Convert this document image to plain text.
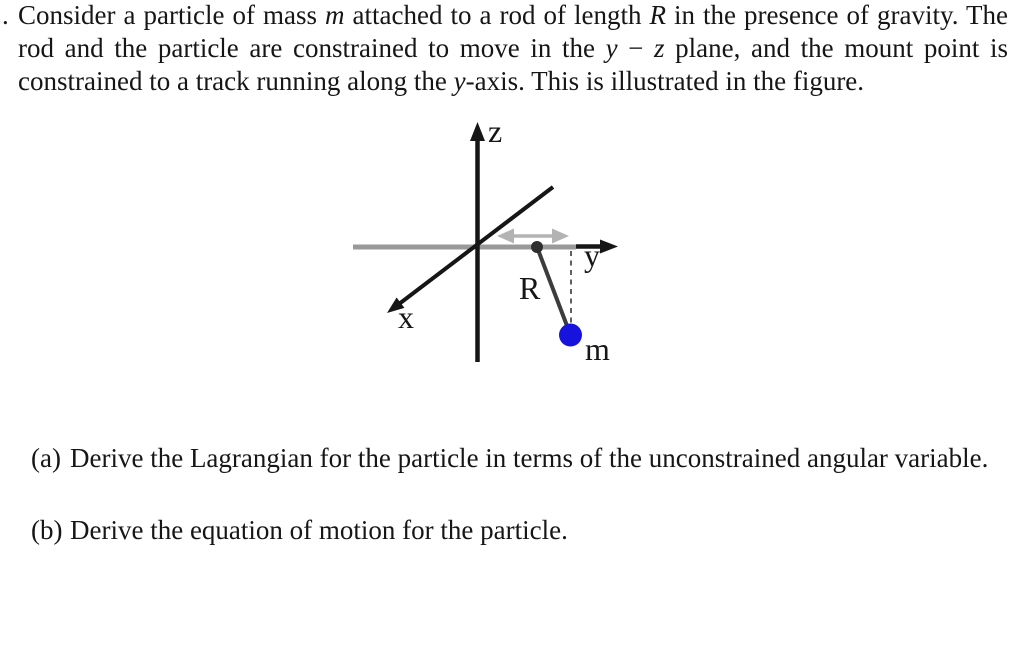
. Consider a particle of mass m attached to a rod of length R in the presence of gravity. The
rod and the particle are constrained to move in the y − z plane, and the mount point is
constrained to a track running along the y-axis. This is illustrated in the figure.
z
y
x
R
m
(a) Derive the Lagrangian for the particle in terms of the unconstrained angular variable.
(b) Derive the equation of motion for the particle.
